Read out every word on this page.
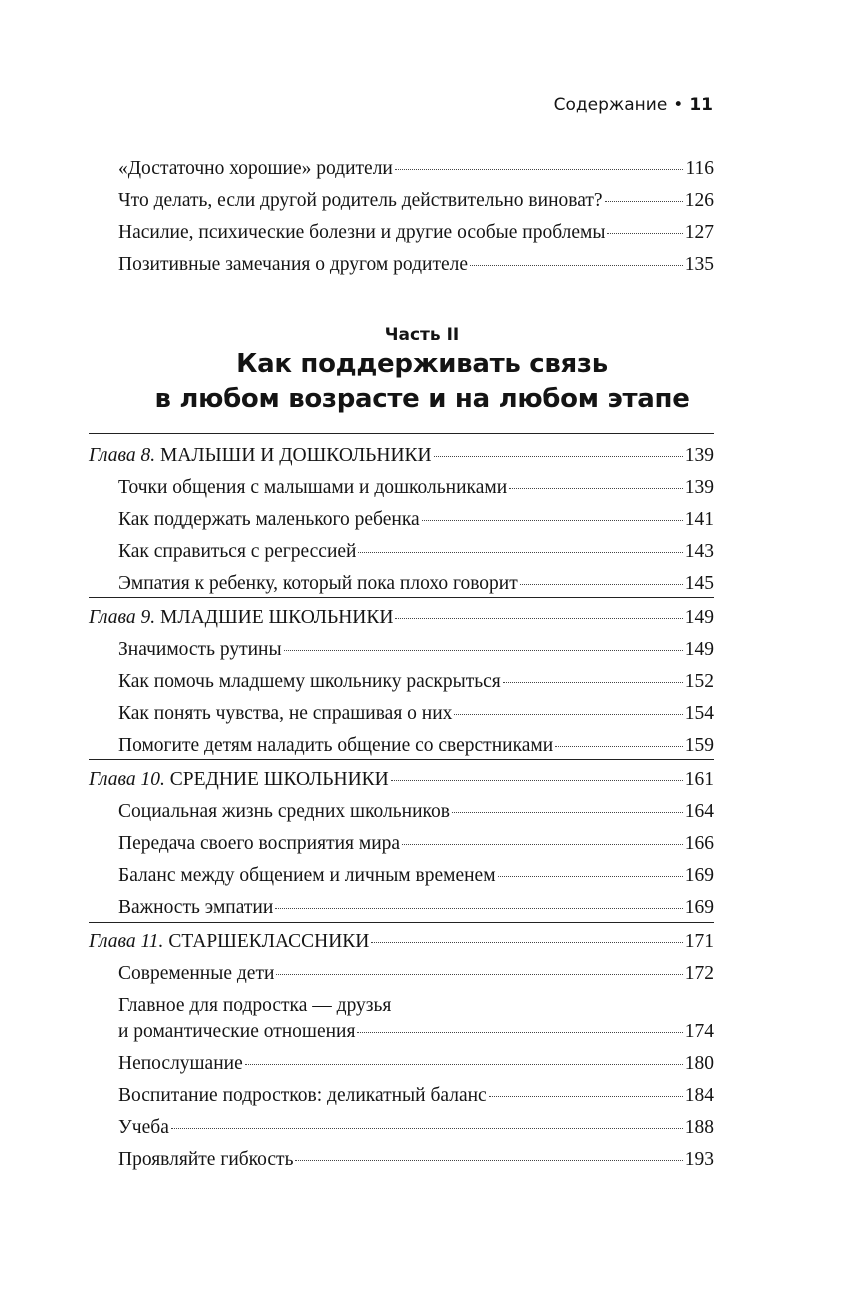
Содержание • 11
«Достаточно хорошие» родители	116
Что делать, если другой родитель действительно виноват?	126
Насилие, психические болезни и другие особые проблемы	127
Позитивные замечания о другом родителе	135
Часть II
Как поддерживать связь
в любом возрасте и на любом этапе
Глава 8. МАЛЫШИ И ДОШКОЛЬНИКИ	139
Точки общения с малышами и дошкольниками	139
Как поддержать маленького ребенка	141
Как справиться с регрессией	143
Эмпатия к ребенку, который пока плохо говорит	145
Глава 9. МЛАДШИЕ ШКОЛЬНИКИ	149
Значимость рутины	149
Как помочь младшему школьнику раскрыться	152
Как понять чувства, не спрашивая о них	154
Помогите детям наладить общение со сверстниками	159
Глава 10. СРЕДНИЕ ШКОЛЬНИКИ	161
Социальная жизнь средних школьников	164
Передача своего восприятия мира	166
Баланс между общением и личным временем	169
Важность эмпатии	169
Глава 11. СТАРШЕКЛАССНИКИ	171
Современные дети	172
Главное для подростка — друзья
и романтические отношения	174
Непослушание	180
Воспитание подростков: деликатный баланс	184
Учеба	188
Проявляйте гибкость	193
